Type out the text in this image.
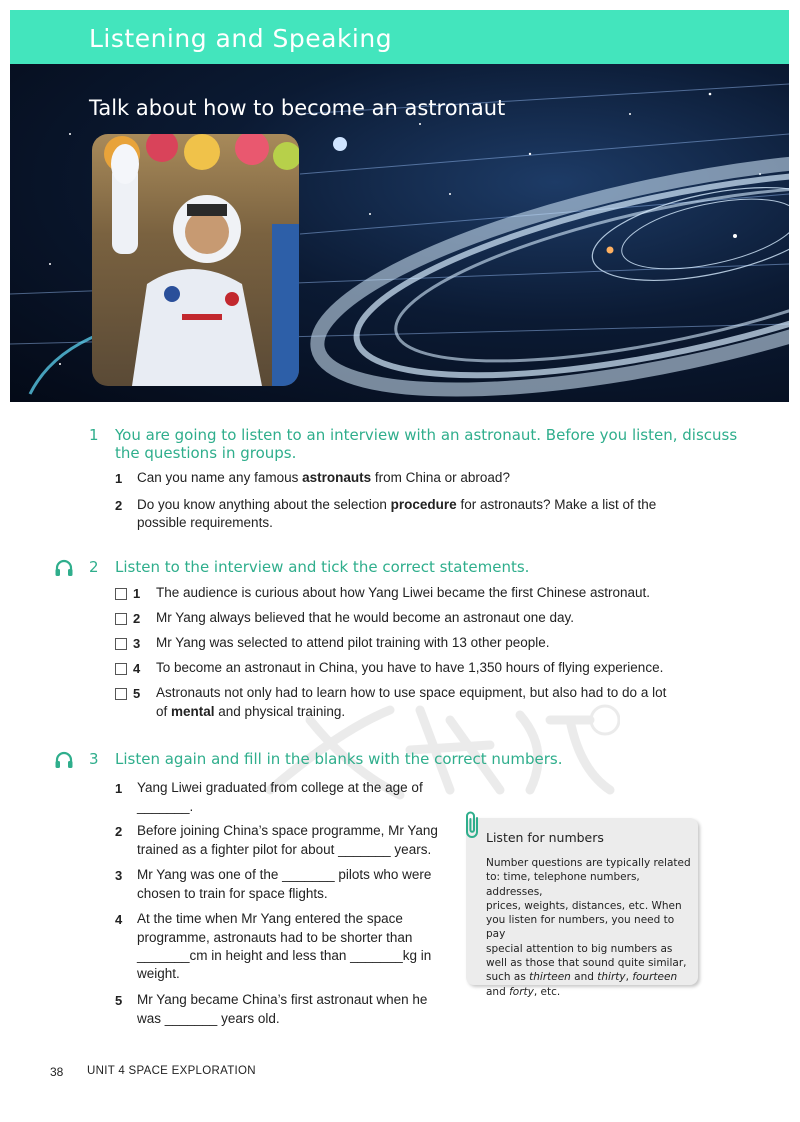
Listening and Speaking
Talk about how to become an astronaut
1 You are going to listen to an interview with an astronaut. Before you listen, discuss
the questions in groups.
1 Can you name any famous astronauts from China or abroad?
2 Do you know anything about the selection procedure for astronauts? Make a list of the
possible requirements.
2 Listen to the interview and tick the correct statements.
1 The audience is curious about how Yang Liwei became the first Chinese astronaut.
2 Mr Yang always believed that he would become an astronaut one day.
3 Mr Yang was selected to attend pilot training with 13 other people.
4 To become an astronaut in China, you have to have 1,350 hours of flying experience.
5 Astronauts not only had to learn how to use space equipment, but also had to do a lot
of mental and physical training.
3 Listen again and fill in the blanks with the correct numbers.
1 Yang Liwei graduated from college at the age of
_______.
2 Before joining China’s space programme, Mr Yang
trained as a fighter pilot for about _______ years.
3 Mr Yang was one of the _______ pilots who were
chosen to train for space flights.
4 At the time when Mr Yang entered the space
programme, astronauts had to be shorter than
_______cm in height and less than _______kg in
weight.
5 Mr Yang became China’s first astronaut when he
was _______ years old.
Listen for numbers
Number questions are typically related
to: time, telephone numbers, addresses,
prices, weights, distances, etc. When
you listen for numbers, you need to pay
special attention to big numbers as
well as those that sound quite similar,
such as thirteen and thirty, fourteen
and forty, etc.
38 UNIT 4 SPACE EXPLORATION
